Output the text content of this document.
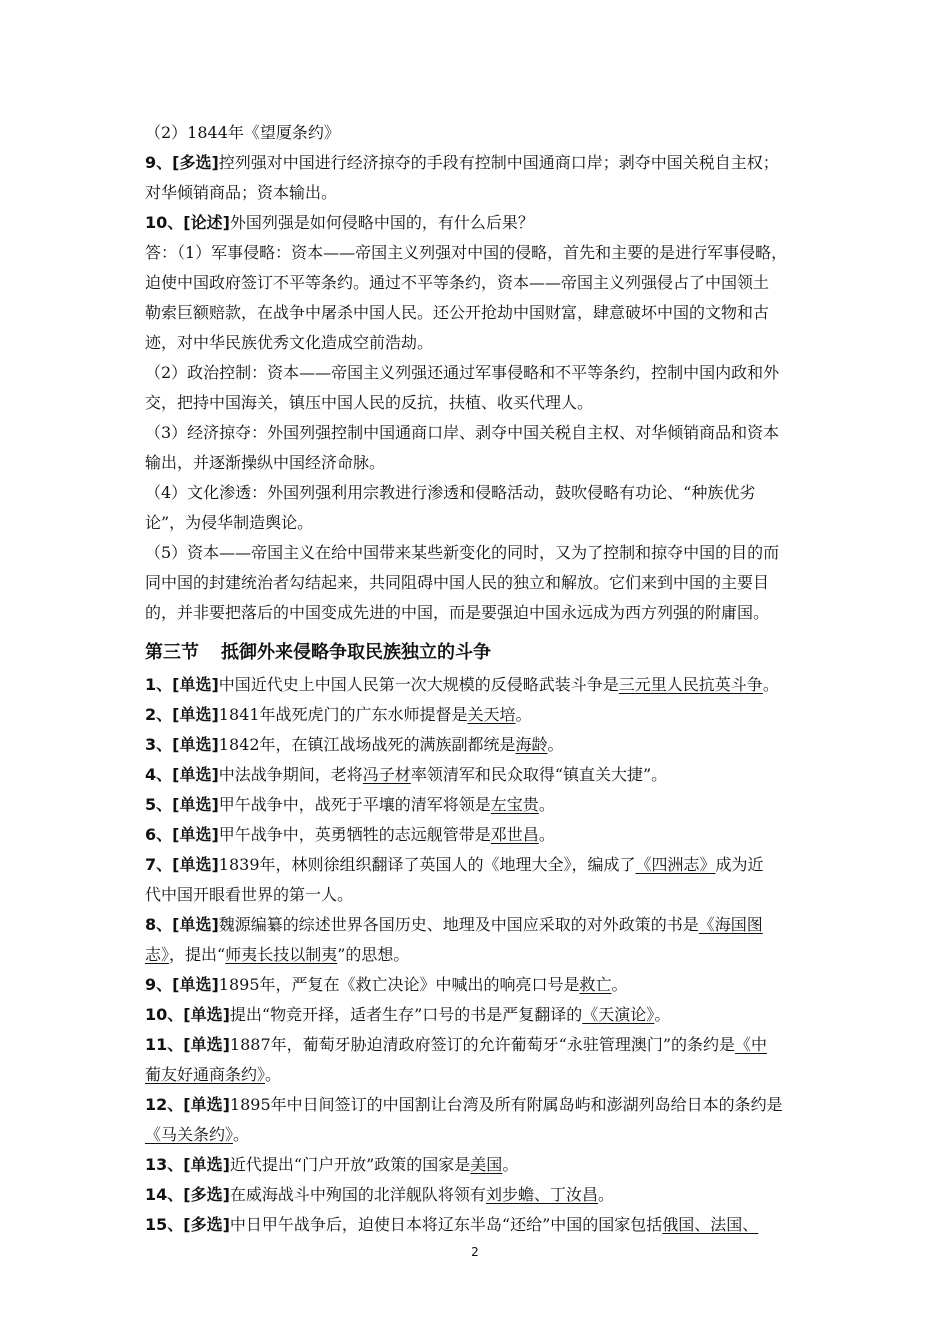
（2）1844年《望厦条约》
9、[多选]控列强对中国进行经济掠夺的手段有控制中国通商口岸；剥夺中国关税自主权；
对华倾销商品；资本输出。
10、[论述]外国列强是如何侵略中国的，有什么后果？
答：（1）军事侵略：资本——帝国主义列强对中国的侵略，首先和主要的是进行军事侵略，
迫使中国政府签订不平等条约。通过不平等条约，资本——帝国主义列强侵占了中国领土
勒索巨额赔款，在战争中屠杀中国人民。还公开抢劫中国财富，肆意破坏中国的文物和古
迹，对中华民族优秀文化造成空前浩劫。
（2）政治控制：资本——帝国主义列强还通过军事侵略和不平等条约，控制中国内政和外
交，把持中国海关，镇压中国人民的反抗，扶植、收买代理人。
（3）经济掠夺：外国列强控制中国通商口岸、剥夺中国关税自主权、对华倾销商品和资本
输出，并逐渐操纵中国经济命脉。
（4）文化渗透：外国列强利用宗教进行渗透和侵略活动，鼓吹侵略有功论、“种族优劣
论”，为侵华制造舆论。
（5）资本——帝国主义在给中国带来某些新变化的同时，又为了控制和掠夺中国的目的而
同中国的封建统治者勾结起来，共同阻碍中国人民的独立和解放。它们来到中国的主要目
的，并非要把落后的中国变成先进的中国，而是要强迫中国永远成为西方列强的附庸国。
第三节 抵御外来侵略争取民族独立的斗争
1、[单选]中国近代史上中国人民第一次大规模的反侵略武装斗争是三元里人民抗英斗争。
2、[单选]1841年战死虎门的广东水师提督是关天培。
3、[单选]1842年，在镇江战场战死的满族副都统是海龄。
4、[单选]中法战争期间，老将冯子材率领清军和民众取得“镇直关大捷”。
5、[单选]甲午战争中，战死于平壤的清军将领是左宝贵。
6、[单选]甲午战争中，英勇牺牲的志远舰管带是邓世昌。
7、[单选]1839年，林则徐组织翻译了英国人的《地理大全》，编成了《四洲志》成为近
代中国开眼看世界的第一人。
8、[单选]魏源编纂的综述世界各国历史、地理及中国应采取的对外政策的书是《海国图
志》，提出“师夷长技以制夷”的思想。
9、[单选]1895年，严复在《救亡决论》中喊出的响亮口号是救亡。
10、[单选]提出“物竞开择，适者生存”口号的书是严复翻译的《天演论》。
11、[单选]1887年，葡萄牙胁迫清政府签订的允许葡萄牙“永驻管理澳门”的条约是《中
葡友好通商条约》。
12、[单选]1895年中日间签订的中国割让台湾及所有附属岛屿和澎湖列岛给日本的条约是
《马关条约》。
13、[单选]近代提出“门户开放”政策的国家是美国。
14、[多选]在威海战斗中殉国的北洋舰队将领有刘步蟾、丁汝昌。
15、[多选]中日甲午战争后，迫使日本将辽东半岛“还给”中国的国家包括俄国、法国、
2
